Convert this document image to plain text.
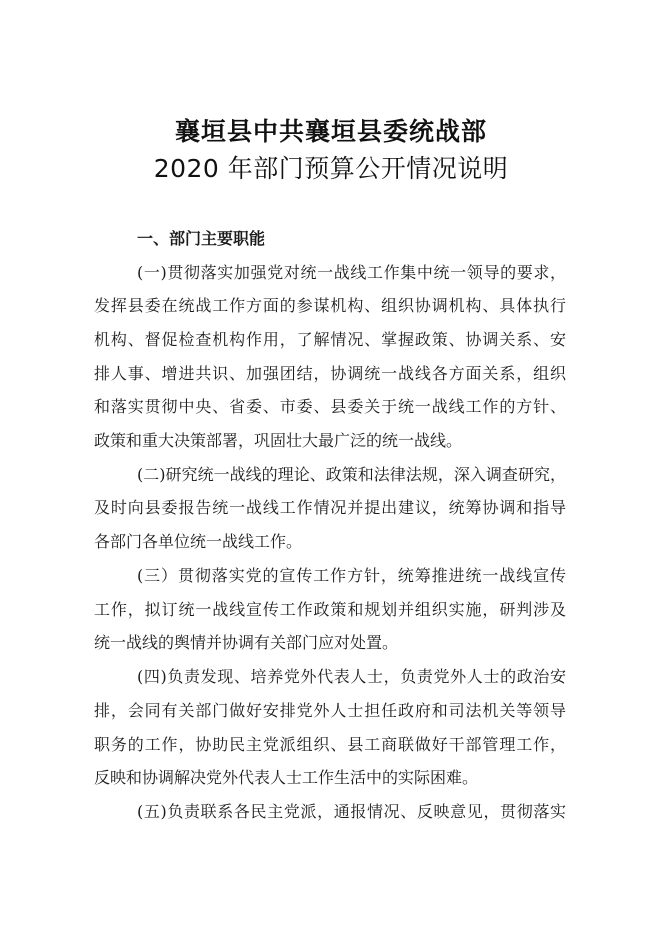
襄垣县中共襄垣县委统战部
2020 年部门预算公开情况说明
一、部门主要职能
(一)贯彻落实加强党对统一战线工作集中统一领导的要求，
发挥县委在统战工作方面的参谋机构、组织协调机构、具体执行
机构、督促检查机构作用，了解情况、掌握政策、协调关系、安
排人事、增进共识、加强团结，协调统一战线各方面关系，组织
和落实贯彻中央、省委、市委、县委关于统一战线工作的方针、
政策和重大决策部署，巩固壮大最广泛的统一战线。
(二)研究统一战线的理论、政策和法律法规，深入调查研究，
及时向县委报告统一战线工作情况并提出建议，统筹协调和指导
各部门各单位统一战线工作。
(三）贯彻落实党的宣传工作方针，统筹推进统一战线宣传
工作，拟订统一战线宣传工作政策和规划并组织实施，研判涉及
统一战线的舆情并协调有关部门应对处置。
(四)负责发现、培养党外代表人士，负责党外人士的政治安
排，会同有关部门做好安排党外人士担任政府和司法机关等领导
职务的工作，协助民主党派组织、县工商联做好干部管理工作，
反映和协调解决党外代表人士工作生活中的实际困难。
(五)负责联系各民主党派，通报情况、反映意见，贯彻落实
